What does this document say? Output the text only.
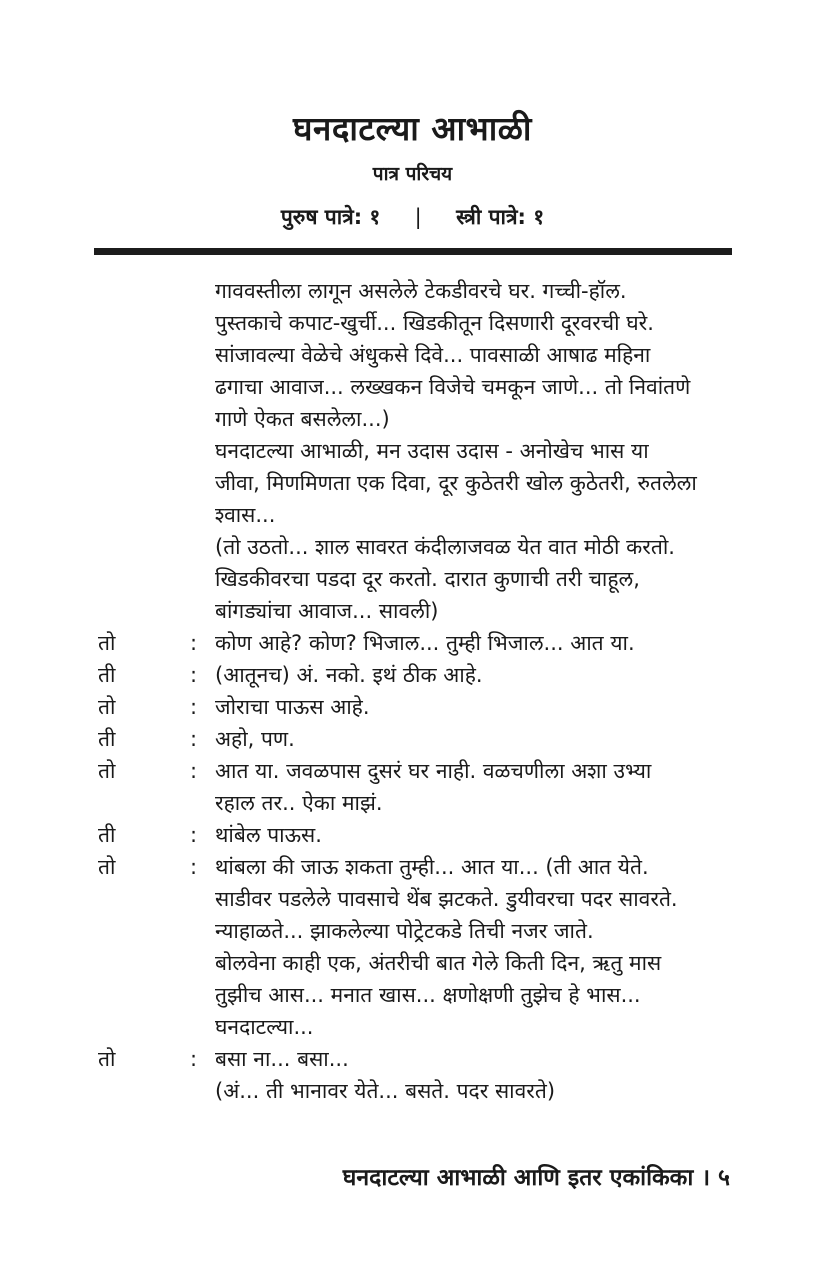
घनदाटल्या आभाळी
पात्र परिचय
पुरुष पात्रे: १ | स्त्री पात्रे: १
गाववस्तीला लागून असलेले टेकडीवरचे घर. गच्ची-हॉल.
पुस्तकाचे कपाट-खुर्ची... खिडकीतून दिसणारी दूरवरची घरे.
सांजावल्या वेळेचे अंधुकसे दिवे... पावसाळी आषाढ महिना
ढगाचा आवाज... लख्खकन विजेचे चमकून जाणे... तो निवांतणे
गाणे ऐकत बसलेला...)
घनदाटल्या आभाळी, मन उदास उदास - अनोखेच भास या
जीवा, मिणमिणता एक दिवा, दूर कुठेतरी खोल कुठेतरी, रुतलेला
श्वास...
(तो उठतो... शाल सावरत कंदीलाजवळ येत वात मोठी करतो.
खिडकीवरचा पडदा दूर करतो. दारात कुणाची तरी चाहूल,
बांगड्यांचा आवाज... सावली)
तो	: कोण आहे? कोण? भिजाल... तुम्ही भिजाल... आत या.
ती	: (आतूनच) अं. नको. इथं ठीक आहे.
तो	: जोराचा पाऊस आहे.
ती	: अहो, पण.
तो	: आत या. जवळपास दुसरं घर नाही. वळचणीला अशा उभ्या
रहाल तर.. ऐका माझं.
ती	: थांबेल पाऊस.
तो	: थांबला की जाऊ शकता तुम्ही... आत या... (ती आत येते.
साडीवर पडलेले पावसाचे थेंब झटकते. डुयीवरचा पदर सावरते.
न्याहाळते... झाकलेल्या पोट्रेटकडे तिची नजर जाते.
बोलवेना काही एक, अंतरीची बात गेले किती दिन, ऋतु मास
तुझीच आस... मनात खास... क्षणोक्षणी तुझेच हे भास...
घनदाटल्या...
तो	: बसा ना... बसा...
(अं... ती भानावर येते... बसते. पदर सावरते)
घनदाटल्या आभाळी आणि इतर एकांकिका । ५
